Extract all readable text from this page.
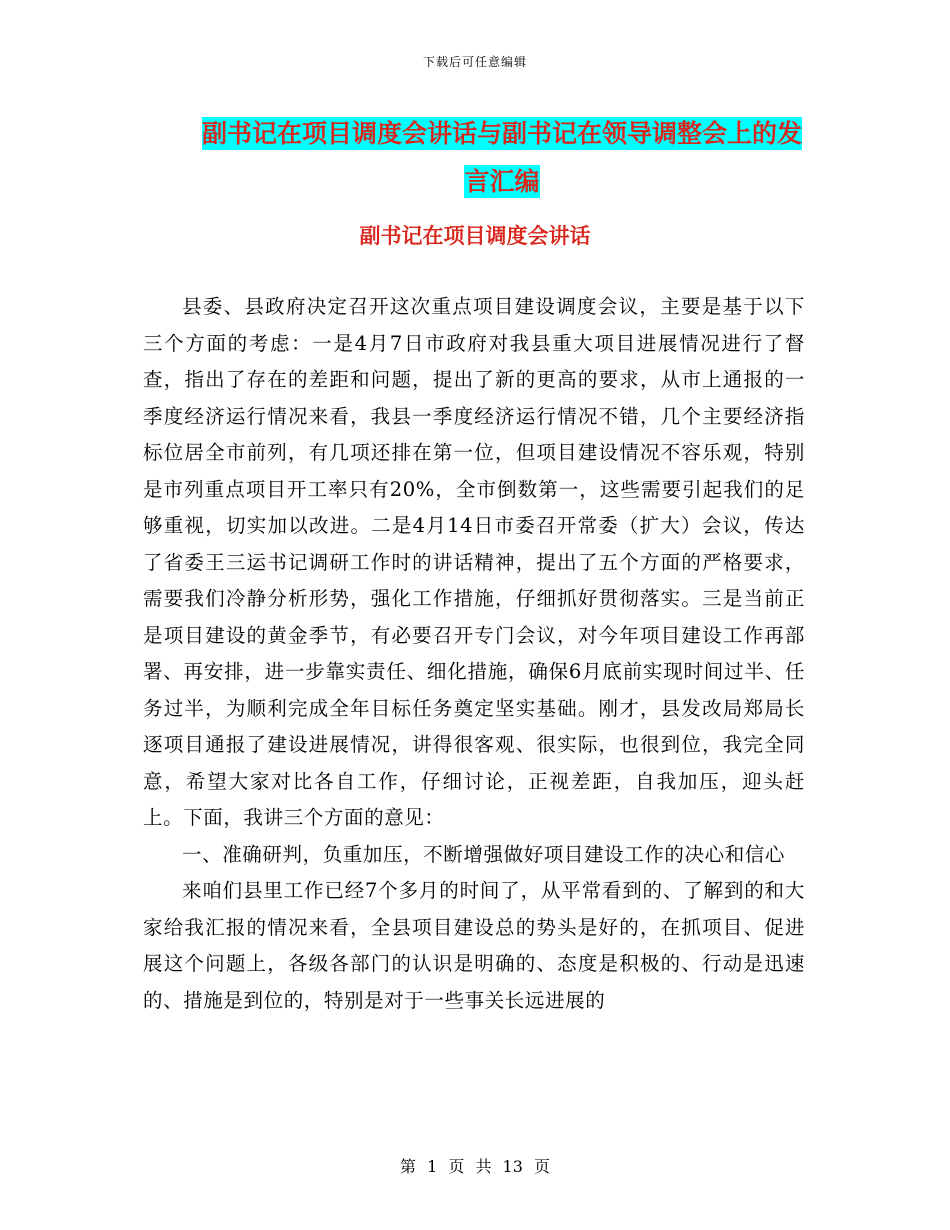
下载后可任意编辑
副书记在项目调度会讲话与副书记在领导调整会上的发言汇编
副书记在项目调度会讲话

县委、县政府决定召开这次重点项目建设调度会议，主要是基于以下三个方面的考虑：一是4月7日市政府对我县重大项目进展情况进行了督查，指出了存在的差距和问题，提出了新的更高的要求，从市上通报的一季度经济运行情况来看，我县一季度经济运行情况不错，几个主要经济指标位居全市前列，有几项还排在第一位，但项目建设情况不容乐观，特别是市列重点项目开工率只有20%，全市倒数第一，这些需要引起我们的足够重视，切实加以改进。二是4月14日市委召开常委（扩大）会议，传达了省委王三运书记调研工作时的讲话精神，提出了五个方面的严格要求，需要我们冷静分析形势，强化工作措施，仔细抓好贯彻落实。三是当前正是项目建设的黄金季节，有必要召开专门会议，对今年项目建设工作再部署、再安排，进一步靠实责任、细化措施，确保6月底前实现时间过半、任务过半，为顺利完成全年目标任务奠定坚实基础。刚才，县发改局郑局长逐项目通报了建设进展情况，讲得很客观、很实际，也很到位，我完全同意，希望大家对比各自工作，仔细讨论，正视差距，自我加压，迎头赶上。下面，我讲三个方面的意见：

一、准确研判，负重加压，不断增强做好项目建设工作的决心和信心

来咱们县里工作已经7个多月的时间了，从平常看到的、了解到的和大家给我汇报的情况来看，全县项目建设总的势头是好的，在抓项目、促进展这个问题上，各级各部门的认识是明确的、态度是积极的、行动是迅速的、措施是到位的，特别是对于一些事关长远进展的

第 1 页 共 13 页
